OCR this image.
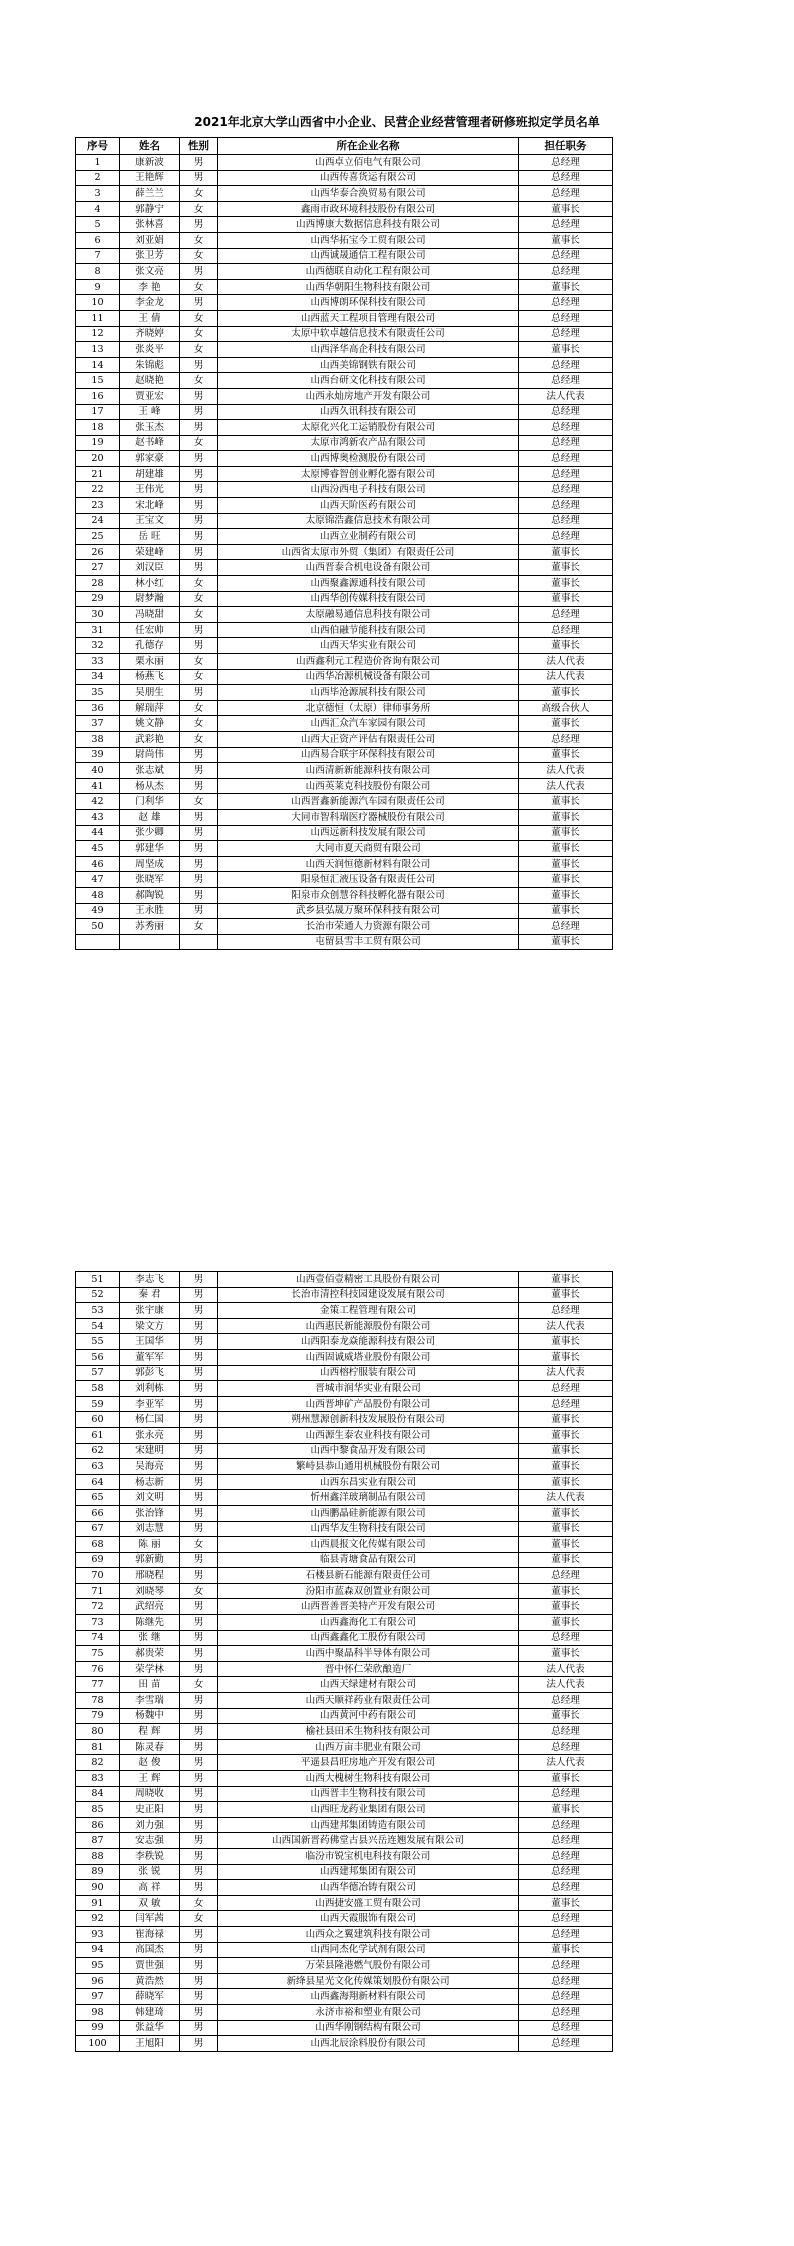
2021年北京大学山西省中小企业、民营企业经营管理者研修班拟定学员名单
序号	姓名	性别	所在企业名称	担任职务
1	康新波	男	山西卓立佰电气有限公司	总经理
2	王艳辉	男	山西传喜货运有限公司	总经理
3	薛兰兰	女	山西华泰合涣贸易有限公司	总经理
4	郭静宁	女	鑫雨市政环境科技股份有限公司	董事长
5	张林喜	男	山西博康大数据信息科技有限公司	总经理
6	刘亚娟	女	山西华拓宝今工贸有限公司	董事长
7	张卫芳	女	山西诚晟通信工程有限公司	总经理
8	张文亮	男	山西德联自动化工程有限公司	总经理
9	李 艳	女	山西华朝阳生物科技有限公司	董事长
10	李金龙	男	山西博朗环保科技有限公司	总经理
11	王 倩	女	山西蓝天工程项目管理有限公司	总经理
12	齐晓婷	女	太原中软卓越信息技术有限责任公司	总经理
13	张炎平	女	山西泽华高企科技有限公司	董事长
14	朱锦彪	男	山西美锦钢铁有限公司	总经理
15	赵晓艳	女	山西台研文化科技有限公司	总经理
16	贾亚宏	男	山西永灿房地产开发有限公司	法人代表
17	王 峰	男	山西久讯科技有限公司	总经理
18	张玉杰	男	太原化兴化工运销股份有限公司	总经理
19	赵书峰	女	太原市鸿新农产品有限公司	总经理
20	郭家豪	男	山西博奥检测股份有限公司	总经理
21	胡建雄	男	太原博睿智创业孵化器有限公司	总经理
22	王伟光	男	山西汾西电子科技有限公司	总经理
23	宋北峰	男	山西天阶医药有限公司	总经理
24	王宝文	男	太原锦浩鑫信息技术有限公司	总经理
25	岳 旺	男	山西立业制药有限公司	总经理
26	荣建峰	男	山西省太原市外贸（集团）有限责任公司	董事长
27	刘汉臣	男	山西晋泰合机电设备有限公司	董事长
28	林小红	女	山西聚鑫源通科技有限公司	董事长
29	尉梦瀚	女	山西华创传媒科技有限公司	董事长
30	冯晓甜	女	太原融易通信息科技有限公司	总经理
31	任宏帅	男	山西伯融节能科技有限公司	总经理
32	孔德存	男	山西天华实业有限公司	董事长
33	栗永丽	女	山西鑫利元工程造价咨询有限公司	法人代表
34	杨燕飞	女	山西华冶源机械设备有限公司	法人代表
35	吴朋生	男	山西毕沧源展科技有限公司	董事长
36	解瑞萍	女	北京德恒（太原）律师事务所	高级合伙人
37	姚文静	女	山西汇众汽车家园有限公司	董事长
38	武彩艳	女	山西大正资产评估有限责任公司	总经理
39	尉尚伟	男	山西易合联宇环保科技有限公司	董事长
40	张志斌	男	山西清新新能源科技有限公司	法人代表
41	杨从杰	男	山西英莱克科技股份有限公司	法人代表
42	门利华	女	山西晋鑫新能源汽车园有限责任公司	董事长
43	赵 雄	男	大同市智科瑞医疗器械股份有限公司	董事长
44	张少卿	男	山西远新科技发展有限公司	董事长
45	郭建华	男	大同市夏天商贸有限公司	董事长
46	周坚成	男	山西天润恒德新材料有限公司	董事长
47	张晓军	男	阳泉恒汇液压设备有限责任公司	董事长
48	郝陶锐	男	阳泉市众创慧谷科技孵化器有限公司	董事长
49	王永胜	男	武乡县弘晟万聚环保科技有限公司	董事长
50	苏秀丽	女	长治市荣通人力资源有限公司	总经理
			屯留县雪丰工贸有限公司	董事长
51	李志飞	男	山西壹佰壹精密工具股份有限公司	董事长
52	秦 君	男	长治市清控科技园建设发展有限公司	董事长
53	张宇康	男	金策工程管理有限公司	总经理
54	梁文方	男	山西惠民新能源股份有限公司	法人代表
55	王国华	男	山西阳泰龙焱能源科技有限公司	董事长
56	董军军	男	山西固诚威塔业股份有限公司	董事长
57	郭彭飞	男	山西榕柠服装有限公司	法人代表
58	刘利栋	男	晋城市润华实业有限公司	总经理
59	李亚军	男	山西晋坤矿产品股份有限公司	总经理
60	杨仁国	男	朔州慧源创新科技发展股份有限公司	董事长
61	张永亮	男	山西源生泰农业科技有限公司	董事长
62	宋建明	男	山西中黎食品开发有限公司	董事长
63	吴海亮	男	繁峙县恭山通用机械股份有限公司	董事长
64	杨志新	男	山西东昌实业有限公司	董事长
65	刘文明	男	忻州鑫洋玻璃制品有限公司	法人代表
66	张治锋	男	山西鹏晶硅新能源有限公司	董事长
67	刘志慧	男	山西华友生物科技有限公司	董事长
68	陈 丽	女	山西晨报文化传媒有限公司	董事长
69	郭新勤	男	临县青塘食品有限公司	董事长
70	邢晓程	男	石楼县新石能源有限责任公司	总经理
71	刘晓琴	女	汾阳市蓝森双创置业有限公司	董事长
72	武绍亮	男	山西晋善晋美特产开发有限公司	董事长
73	陈继先	男	山西鑫海化工有限公司	董事长
74	张 继	男	山西鑫鑫化工股份有限公司	总经理
75	郝贵荣	男	山西中聚晶科半导体有限公司	董事长
76	荣学林	男	晋中怀仁荣欣酿造厂	法人代表
77	田 苗	女	山西天绿建材有限公司	法人代表
78	李雪瑞	男	山西天顺祥药业有限责任公司	总经理
79	杨魏中	男	山西黄河中药有限公司	董事长
80	程 辉	男	榆社县田禾生物科技有限公司	总经理
81	陈灵春	男	山西万亩丰肥业有限公司	总经理
82	赵 俊	男	平遥县昌旺房地产开发有限公司	法人代表
83	王 辉	男	山西大槐树生物科技有限公司	董事长
84	周晓收	男	山西晋丰生物科技有限公司	总经理
85	史正阳	男	山西旺龙药业集团有限公司	董事长
86	刘力强	男	山西建邦集团铸造有限公司	总经理
87	安志强	男	山西国新晋药佛堂古县兴岳连翘发展有限公司	总经理
88	李秩锐	男	临汾市锐宝机电科技有限公司	总经理
89	张 锐	男	山西建邦集团有限公司	总经理
90	高 祥	男	山西华德冶铸有限公司	总经理
91	双 敏	女	山西捷安盛工贸有限公司	董事长
92	闫军茜	女	山西天霞服饰有限公司	总经理
93	崔海禄	男	山西众之翼建筑科技有限公司	总经理
94	高国杰	男	山西同杰化学试剂有限公司	董事长
95	贾世强	男	万荣县隆港燃气股份有限公司	总经理
96	黄浩然	男	新绛县星光文化传媒策划股份有限公司	总经理
97	薛晓军	男	山西鑫海翔新材料有限公司	总经理
98	韩建琦	男	永济市裕和塑业有限公司	总经理
99	张益华	男	山西华刚钢结构有限公司	总经理
100	王旭阳	男	山西北辰涂料股份有限公司	总经理
